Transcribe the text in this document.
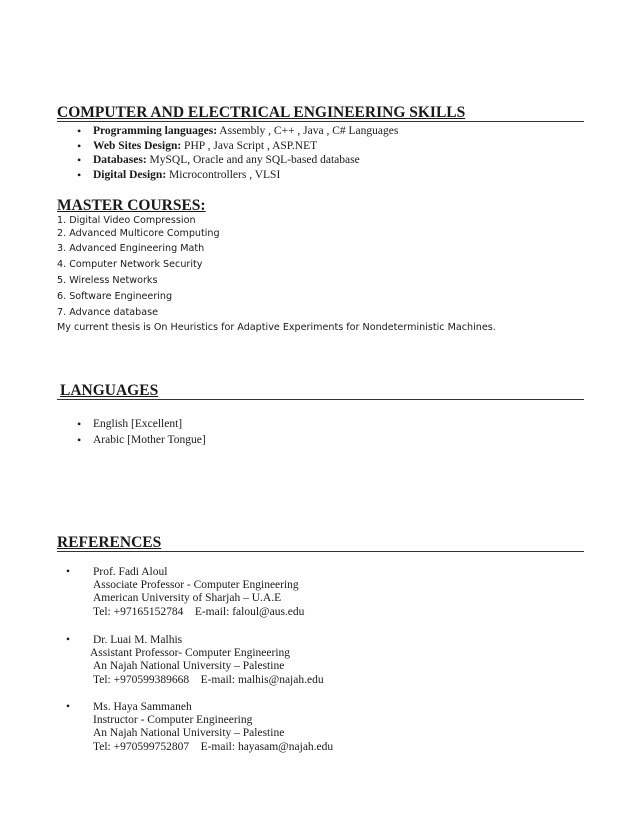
COMPUTER AND ELECTRICAL ENGINEERING SKILLS
• Programming languages: Assembly , C++ , Java , C# Languages
• Web Sites Design: PHP , Java Script , ASP.NET
• Databases: MySQL, Oracle and any SQL-based database
• Digital Design: Microcontrollers , VLSI
MASTER COURSES:
1. Digital Video Compression
2. Advanced Multicore Computing
3. Advanced Engineering Math
4. Computer Network Security
5. Wireless Networks
6. Software Engineering
7. Advance database
My current thesis is On Heuristics for Adaptive Experiments for Nondeterministic Machines.
LANGUAGES
• English [Excellent]
• Arabic [Mother Tongue]
REFERENCES
•	Prof. Fadi Aloul
Associate Professor - Computer Engineering
American University of Sharjah – U.A.E
Tel: +97165152784    E-mail: faloul@aus.edu
•	Dr. Luai M. Malhis
Assistant Professor- Computer Engineering
An Najah National University – Palestine
Tel: +970599389668    E-mail: malhis@najah.edu
•	Ms. Haya Sammaneh
Instructor - Computer Engineering
An Najah National University – Palestine
Tel: +970599752807    E-mail: hayasam@najah.edu
